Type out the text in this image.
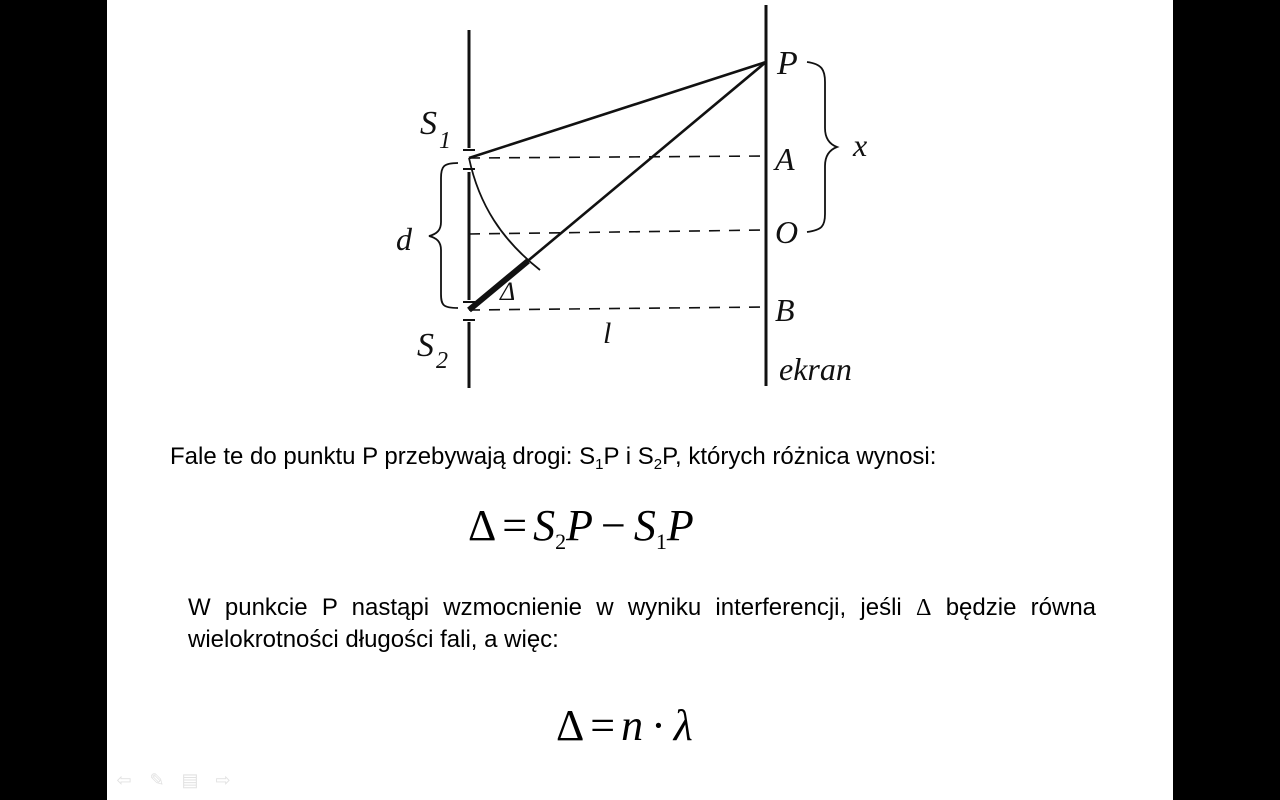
S 1
S 2
d
Δ
l
P
A
O
B
x
ekran
Fale te do punktu P przebywają drogi: $S_1P$ i $S_2P$, których różnica wynosi:
$\Delta = S_2P - S_1P$
W punkcie P nastąpi wzmocnienie w wyniku interferencji, jeśli Δ będzie równa wielokrotności długości fali, a więc:
Δ = n · λ
⇦ ✎ ▤ ⇨
